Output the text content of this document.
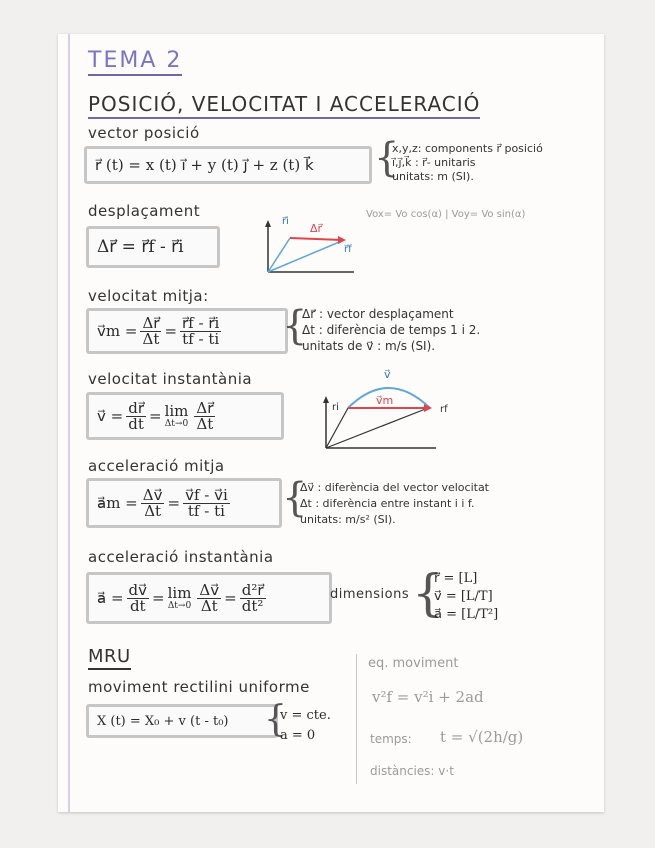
TEMA 2
POSICIÓ, VELOCITAT I ACCELERACIÓ
vector posició
r⃗ (t) = x (t) i⃗ + y (t) j⃗ + z (t) k⃗ {
x,y,z: components r⃗ posició
i⃗,j⃗,k⃗ : r⃗- unitaris
unitats: m (SI).
Vox= Vo cos(α) | Voy= Vo sin(α)
desplaçament
Δr⃗ =
r⃗f - r⃗i
r⃗i
Δr⃗
r⃗f
velocitat mitja:
v⃗m = $\frac{\Delta r⃗}{\Delta t} = \frac{r⃗f - r⃗i}{tf - ti}$ {
Δr⃗ : vector desplaçament
Δt : diferència de temps 1 i 2.
unitats de v⃗ : m/s (SI).
velocitat instantània
v⃗ = $\frac{dr⃗}{dt} = \lim$
$\Delta t\to 0 \frac{\Delta r⃗}{\Delta t}$
v⃗
ri
v⃗m
rf
acceleració mitja
a⃗m = $\frac{\Delta v⃗}{\Delta t} = \frac{v⃗f - v⃗i}{tf - ti}$ {
Δv⃗ : diferència del vector velocitat
Δt : diferència entre instant i i f.
unitats: m/s² (SI).
acceleració instantània
a⃗ = $\frac{dv⃗}{dt} = \lim$
$\Delta t\to 0 \frac{\Delta v⃗}{\Delta t} = \frac{\text{d²r⃗}}{\text{dt²}}$	dimensions {
r⃗ = [L]
v⃗ = [L/T]
a⃗ = [L/T²]
MRU
moviment rectilini uniforme
X (t) = X₀ + v (t - t₀) {
v = cte.
a = 0
eq. moviment
v²f = v²i + 2ad
temps: t = √(2h/g)
distàncies: v·t
